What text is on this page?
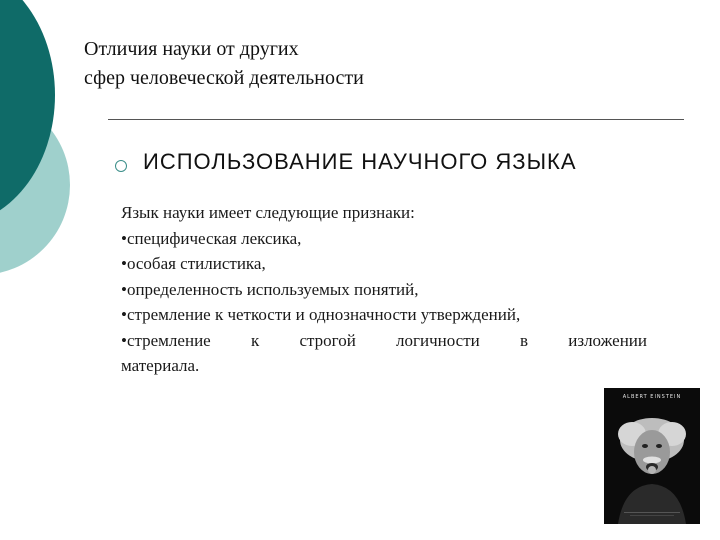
Отличия науки от других
сфер человеческой деятельности
ИСПОЛЬЗОВАНИЕ НАУЧНОГО ЯЗЫКА
Язык науки имеет следующие признаки:
•специфическая лексика,
•особая стилистика,
•определенность используемых понятий,
•стремление к четкости и однозначности утверждений,
•стремление к строгой логичности в изложении
материала.
ALBERT EINSTEIN
